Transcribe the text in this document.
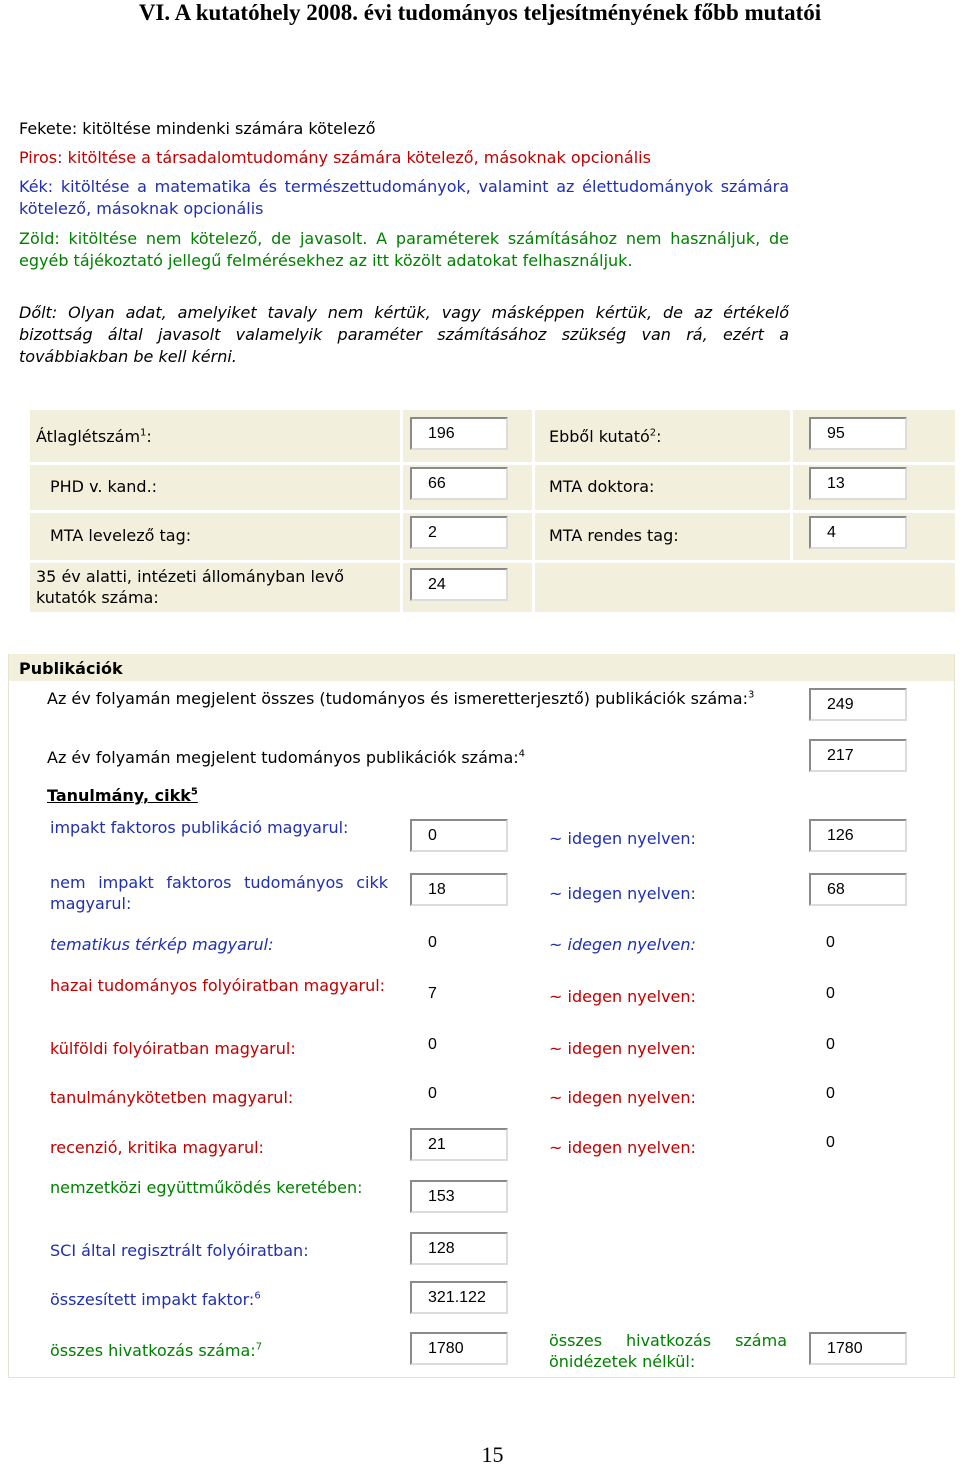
VI. A kutatóhely 2008. évi tudományos teljesítményének főbb mutatói
Fekete: kitöltése mindenki számára kötelező
Piros: kitöltése a társadalomtudomány számára kötelező, másoknak opcionális
Kék: kitöltése a matematika és természettudományok, valamint az élettudományok számára kötelező, másoknak opcionális
Zöld: kitöltése nem kötelező, de javasolt. A paraméterek számításához nem használjuk, de egyéb tájékoztató jellegű felmérésekhez az itt közölt adatokat felhasználjuk.
Dőlt: Olyan adat, amelyiket tavaly nem kértük, vagy másképpen kértük, de az értékelő bizottság által javasolt valamelyik paraméter számításához szükség van rá, ezért a továbbiakban be kell kérni.
Átlaglétszám$^1$:	196	Ebből kutató$^2$:	95
PHD v. kand.:	66	MTA doktora:	13
MTA levelező tag:	2	MTA rendes tag:	4
35 év alatti, intézeti állományban levő kutatók száma:
24
Publikációk
Az év folyamán megjelent összes (tudományos és ismeretterjesztő) publikációk száma:$^3$
249
Az év folyamán megjelent tudományos publikációk száma:$^4$	217
Tanulmány, cikk$^5$
impakt faktoros publikáció magyarul:	0	~ idegen nyelven:	126
nem impakt faktoros tudományos cikk magyarul:
18	~ idegen nyelven:	68
tematikus térkép magyarul:	0	~ idegen nyelven:	0
hazai tudományos folyóiratban magyarul:	7	~ idegen nyelven:	0
külföldi folyóiratban magyarul:	0	~ idegen nyelven:	0
tanulmánykötetben magyarul:	0	~ idegen nyelven:	0
recenzió, kritika magyarul:	21	~ idegen nyelven:	0
nemzetközi együttműködés keretében:	153
SCI által regisztrált folyóiratban:	128
összesített impakt faktor:$^6$	321.122
összes hivatkozás száma:$^7$	1780	összes hivatkozás száma önidézetek nélkül:
1780
15
